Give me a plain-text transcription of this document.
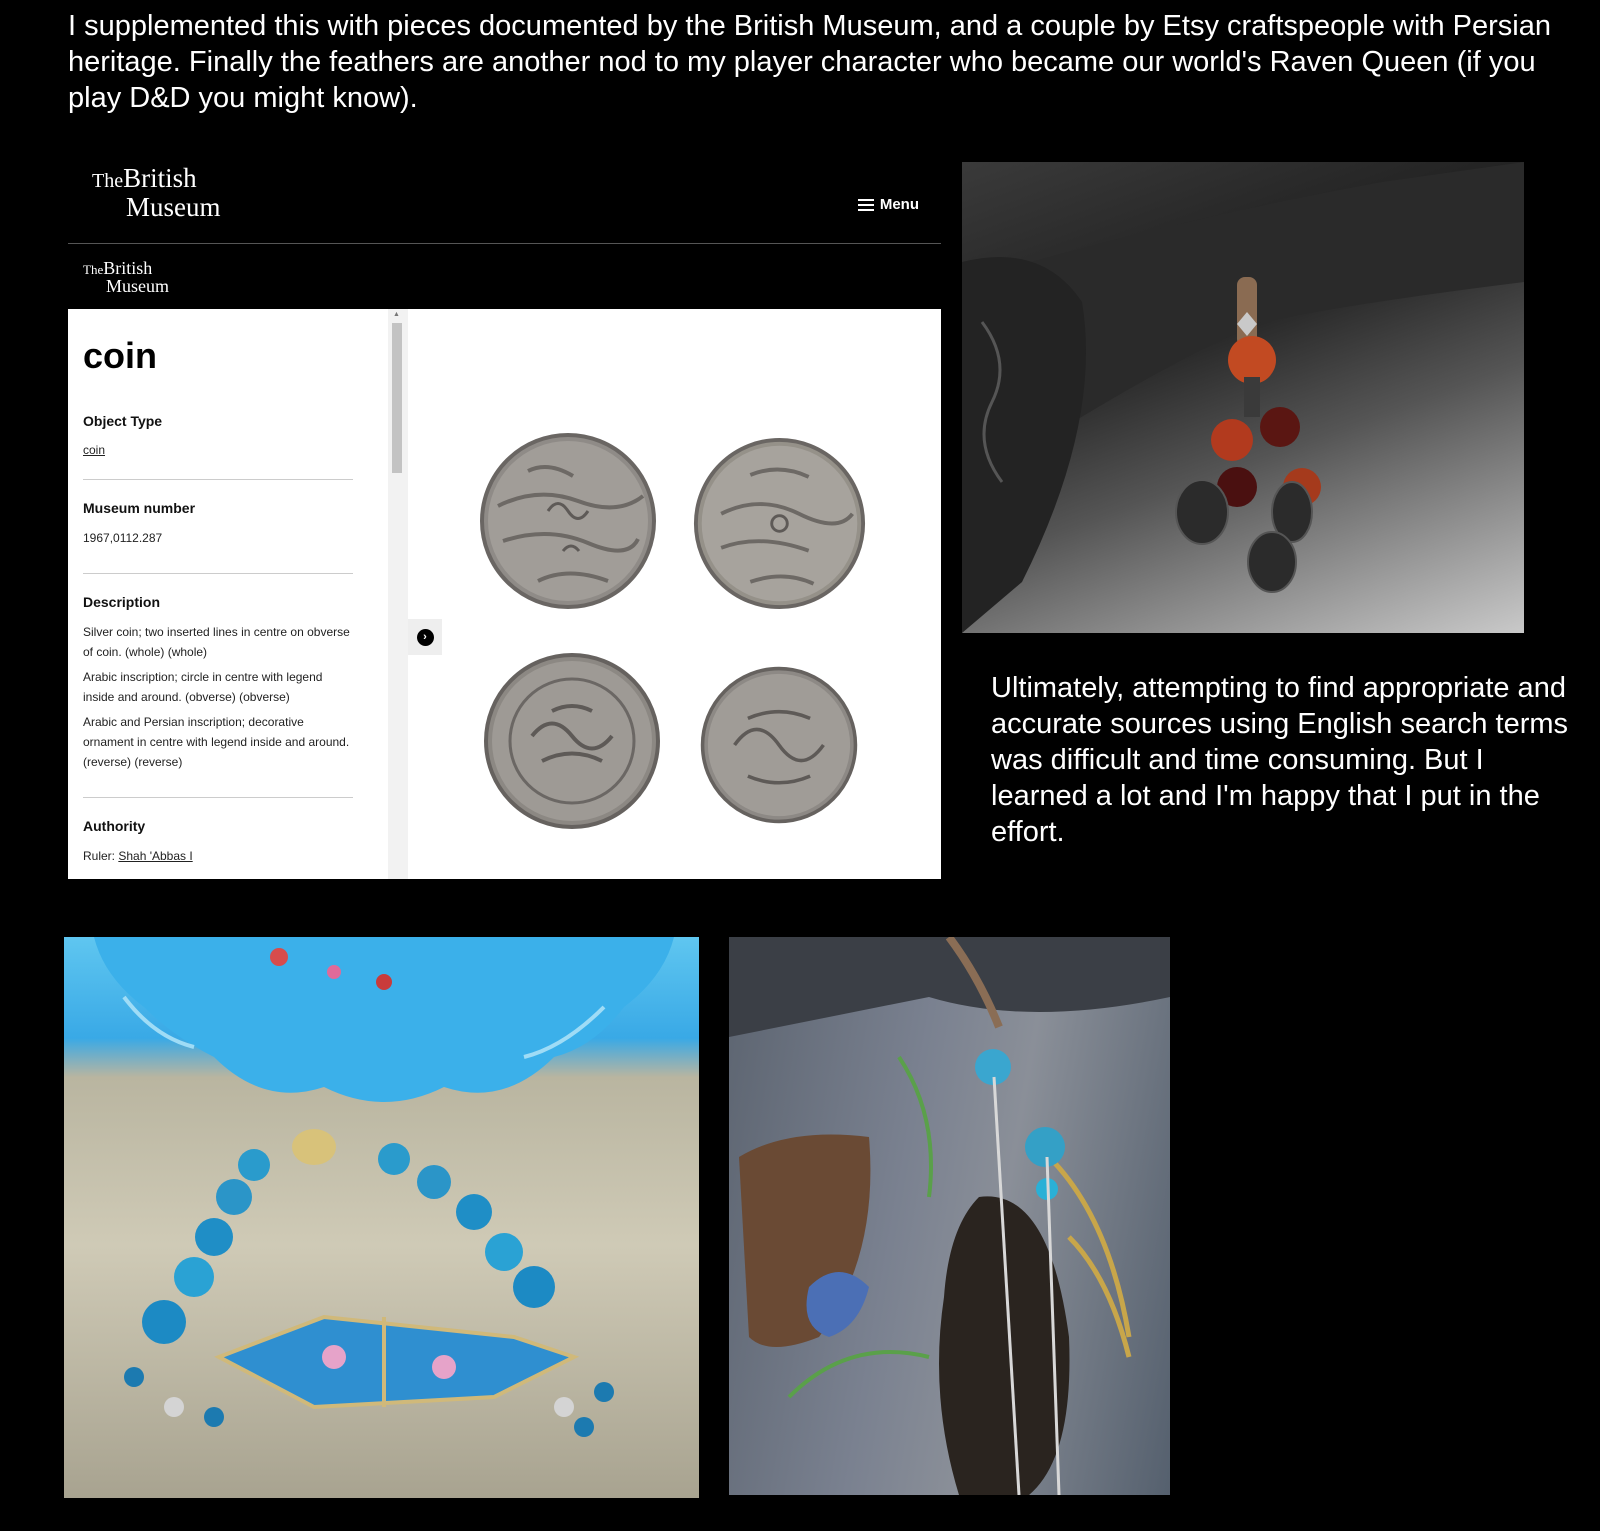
I supplemented this with pieces documented by the British Museum, and a couple by Etsy craftspeople with Persian heritage. Finally the feathers are another nod to my player character who became our world's Raven Queen (if you play D&D you might know).
TheBritish
Museum	Menu
TheBritish
Museum
coin
Object Type
coin
Museum number

1967,0112.287

Description

Silver coin; two inserted lines in centre on obverse of coin. (whole) (whole)

Arabic inscription; circle in centre with legend inside and around. (obverse) (obverse)

Arabic and Persian inscription; decorative ornament in centre with legend inside and around. (reverse) (reverse)

Authority

Ruler: Shah 'Abbas I

▲
›
Ultimately, attempting to find appropriate and accurate sources using English search terms was difficult and time consuming. But I learned a lot and I'm happy that I put in the effort.
